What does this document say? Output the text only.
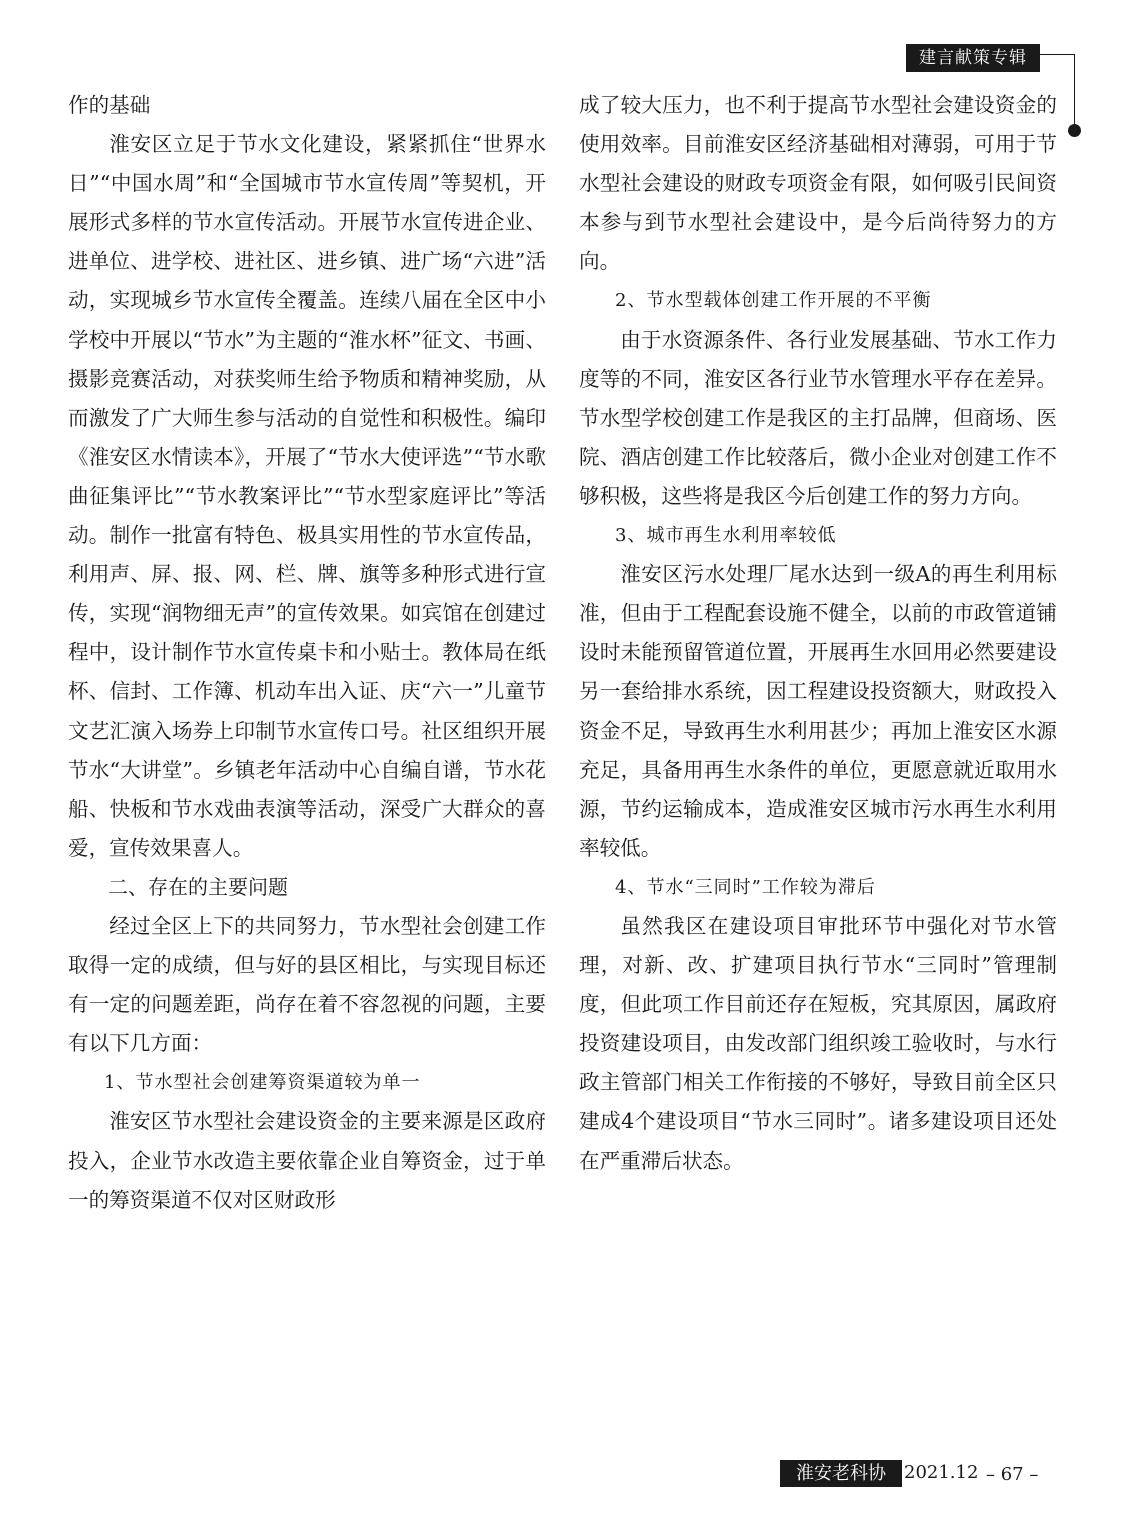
建言献策专辑

作的基础

淮安区立足于节水文化建设，紧紧抓住“世界水日”“中国水周”和“全国城市节水宣传周”等契机，开展形式多样的节水宣传活动。开展节水宣传进企业、进单位、进学校、进社区、进乡镇、进广场“六进”活动，实现城乡节水宣传全覆盖。连续八届在全区中小学校中开展以“节水”为主题的“淮水杯”征文、书画、摄影竞赛活动，对获奖师生给予物质和精神奖励，从而激发了广大师生参与活动的自觉性和积极性。编印《淮安区水情读本》，开展了“节水大使评选”“节水歌曲征集评比”“节水教案评比”“节水型家庭评比”等活动。制作一批富有特色、极具实用性的节水宣传品，利用声、屏、报、网、栏、牌、旗等多种形式进行宣传，实现“润物细无声”的宣传效果。如宾馆在创建过程中，设计制作节水宣传桌卡和小贴士。教体局在纸杯、信封、工作簿、机动车出入证、庆“六一”儿童节文艺汇演入场券上印制节水宣传口号。社区组织开展节水“大讲堂”。乡镇老年活动中心自编自谱，节水花船、快板和节水戏曲表演等活动，深受广大群众的喜爱，宣传效果喜人。

二、存在的主要问题

经过全区上下的共同努力，节水型社会创建工作取得一定的成绩，但与好的县区相比，与实现目标还有一定的问题差距，尚存在着不容忽视的问题，主要有以下几方面：

1、节水型社会创建筹资渠道较为单一

淮安区节水型社会建设资金的主要来源是区政府投入，企业节水改造主要依靠企业自筹资金，过于单一的筹资渠道不仅对区财政形

成了较大压力，也不利于提高节水型社会建设资金的使用效率。目前淮安区经济基础相对薄弱，可用于节水型社会建设的财政专项资金有限，如何吸引民间资本参与到节水型社会建设中，是今后尚待努力的方向。

2、节水型载体创建工作开展的不平衡

由于水资源条件、各行业发展基础、节水工作力度等的不同，淮安区各行业节水管理水平存在差异。节水型学校创建工作是我区的主打品牌，但商场、医院、酒店创建工作比较落后，微小企业对创建工作不够积极，这些将是我区今后创建工作的努力方向。

3、城市再生水利用率较低

淮安区污水处理厂尾水达到一级A的再生利用标准，但由于工程配套设施不健全，以前的市政管道铺设时未能预留管道位置，开展再生水回用必然要建设另一套给排水系统，因工程建设投资额大，财政投入资金不足，导致再生水利用甚少；再加上淮安区水源充足，具备用再生水条件的单位，更愿意就近取用水源，节约运输成本，造成淮安区城市污水再生水利用率较低。

4、节水“三同时”工作较为滞后

虽然我区在建设项目审批环节中强化对节水管理，对新、改、扩建项目执行节水“三同时”管理制度，但此项工作目前还存在短板，究其原因，属政府投资建设项目，由发改部门组织竣工验收时，与水行政主管部门相关工作衔接的不够好，导致目前全区只建成4个建设项目“节水三同时”。诸多建设项目还处在严重滞后状态。

淮安老科协	2021.12 – 67 –
